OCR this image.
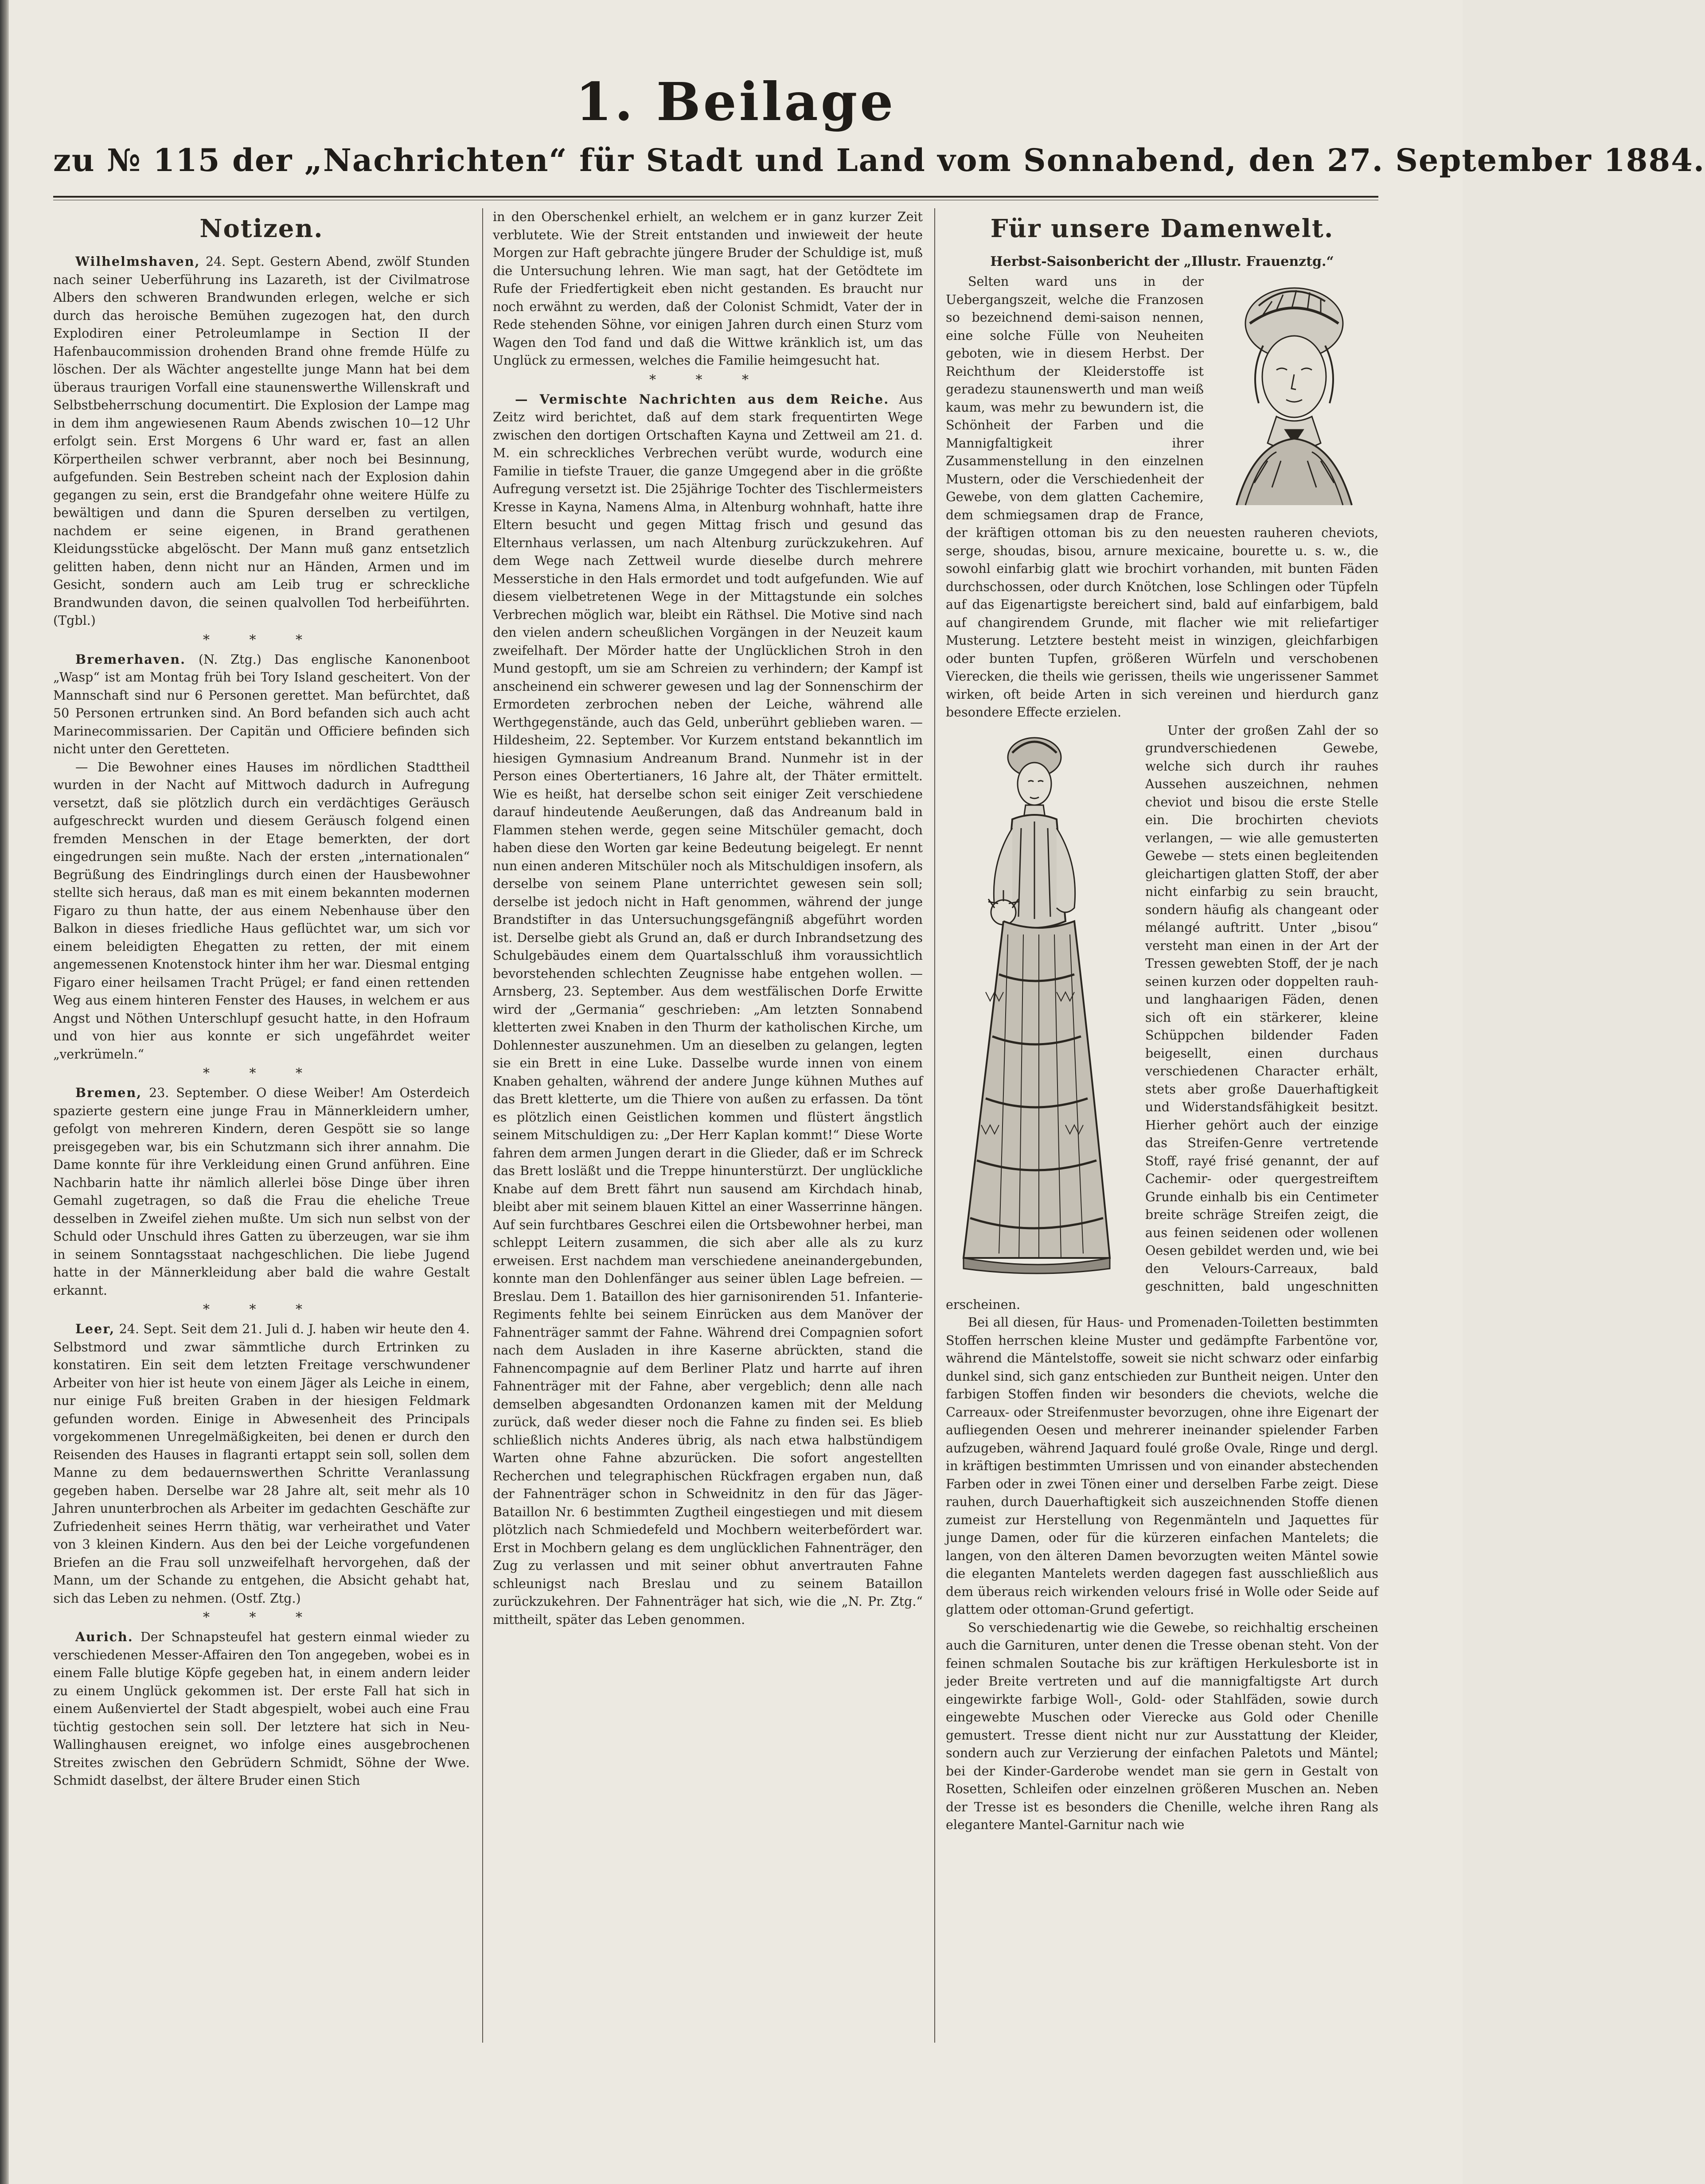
1. Beilage
zu № 115 der „Nachrichten“ für Stadt und Land vom Sonnabend, den 27. September 1884.
Notizen.

Wilhelmshaven, 24. Sept. Gestern Abend, zwölf Stunden nach seiner Ueberführung ins Lazareth, ist der Civilmatrose Albers den schweren Brandwunden erlegen, welche er sich durch das heroische Bemühen zugezogen hat, den durch Explodiren einer Petroleumlampe in Section II der Hafenbaucommission drohenden Brand ohne fremde Hülfe zu löschen. Der als Wächter angestellte junge Mann hat bei dem überaus traurigen Vorfall eine staunenswerthe Willenskraft und Selbstbeherrschung documentirt. Die Explosion der Lampe mag in dem ihm angewiesenen Raum Abends zwischen 10—12 Uhr erfolgt sein. Erst Morgens 6 Uhr ward er, fast an allen Körpertheilen schwer verbrannt, aber noch bei Besinnung, aufgefunden. Sein Bestreben scheint nach der Explosion dahin gegangen zu sein, erst die Brandgefahr ohne weitere Hülfe zu bewältigen und dann die Spuren derselben zu vertilgen, nachdem er seine eigenen, in Brand gerathenen Kleidungsstücke abgelöscht. Der Mann muß ganz entsetzlich gelitten haben, denn nicht nur an Händen, Armen und im Gesicht, sondern auch am Leib trug er schreckliche Brandwunden davon, die seinen qualvollen Tod herbeiführten. (Tgbl.)

* * *

Bremerhaven. (N. Ztg.) Das englische Kanonenboot „Wasp“ ist am Montag früh bei Tory Island gescheitert. Von der Mannschaft sind nur 6 Personen gerettet. Man befürchtet, daß 50 Personen ertrunken sind. An Bord befanden sich auch acht Marinecommissarien. Der Capitän und Officiere befinden sich nicht unter den Geretteten.

— Die Bewohner eines Hauses im nördlichen Stadttheil wurden in der Nacht auf Mittwoch dadurch in Aufregung versetzt, daß sie plötzlich durch ein verdächtiges Geräusch aufgeschreckt wurden und diesem Geräusch folgend einen fremden Menschen in der Etage bemerkten, der dort eingedrungen sein mußte. Nach der ersten „internationalen“ Begrüßung des Eindringlings durch einen der Hausbewohner stellte sich heraus, daß man es mit einem bekannten modernen Figaro zu thun hatte, der aus einem Nebenhause über den Balkon in dieses friedliche Haus geflüchtet war, um sich vor einem beleidigten Ehegatten zu retten, der mit einem angemessenen Knotenstock hinter ihm her war. Diesmal entging Figaro einer heilsamen Tracht Prügel; er fand einen rettenden Weg aus einem hinteren Fenster des Hauses, in welchem er aus Angst und Nöthen Unterschlupf gesucht hatte, in den Hofraum und von hier aus konnte er sich ungefährdet weiter „verkrümeln.“

* * *

Bremen, 23. September. O diese Weiber! Am Osterdeich spazierte gestern eine junge Frau in Männerkleidern umher, gefolgt von mehreren Kindern, deren Gespött sie so lange preisgegeben war, bis ein Schutzmann sich ihrer annahm. Die Dame konnte für ihre Verkleidung einen Grund anführen. Eine Nachbarin hatte ihr nämlich allerlei böse Dinge über ihren Gemahl zugetragen, so daß die Frau die eheliche Treue desselben in Zweifel ziehen mußte. Um sich nun selbst von der Schuld oder Unschuld ihres Gatten zu überzeugen, war sie ihm in seinem Sonntagsstaat nachgeschlichen. Die liebe Jugend hatte in der Männerkleidung aber bald die wahre Gestalt erkannt.

* * *

Leer, 24. Sept. Seit dem 21. Juli d. J. haben wir heute den 4. Selbstmord und zwar sämmtliche durch Ertrinken zu konstatiren. Ein seit dem letzten Freitage verschwundener Arbeiter von hier ist heute von einem Jäger als Leiche in einem, nur einige Fuß breiten Graben in der hiesigen Feldmark gefunden worden. Einige in Abwesenheit des Principals vorgekommenen Unregelmäßigkeiten, bei denen er durch den Reisenden des Hauses in flagranti ertappt sein soll, sollen dem Manne zu dem bedauernswerthen Schritte Veranlassung gegeben haben. Derselbe war 28 Jahre alt, seit mehr als 10 Jahren ununterbrochen als Arbeiter im gedachten Geschäfte zur Zufriedenheit seines Herrn thätig, war verheirathet und Vater von 3 kleinen Kindern. Aus den bei der Leiche vorgefundenen Briefen an die Frau soll unzweifelhaft hervorgehen, daß der Mann, um der Schande zu entgehen, die Absicht gehabt hat, sich das Leben zu nehmen. (Ostf. Ztg.)

* * *

Aurich. Der Schnapsteufel hat gestern einmal wieder zu verschiedenen Messer-Affairen den Ton angegeben, wobei es in einem Falle blutige Köpfe gegeben hat, in einem andern leider zu einem Unglück gekommen ist. Der erste Fall hat sich in einem Außenviertel der Stadt abgespielt, wobei auch eine Frau tüchtig gestochen sein soll. Der letztere hat sich in Neu-Wallinghausen ereignet, wo infolge eines ausgebrochenen Streites zwischen den Gebrüdern Schmidt, Söhne der Wwe. Schmidt daselbst, der ältere Bruder einen Stich

in den Oberschenkel erhielt, an welchem er in ganz kurzer Zeit verblutete. Wie der Streit entstanden und inwieweit der heute Morgen zur Haft gebrachte jüngere Bruder der Schuldige ist, muß die Untersuchung lehren. Wie man sagt, hat der Getödtete im Rufe der Friedfertigkeit eben nicht gestanden. Es braucht nur noch erwähnt zu werden, daß der Colonist Schmidt, Vater der in Rede stehenden Söhne, vor einigen Jahren durch einen Sturz vom Wagen den Tod fand und daß die Wittwe kränklich ist, um das Unglück zu ermessen, welches die Familie heimgesucht hat.

* * *

— Vermischte Nachrichten aus dem Reiche. Aus Zeitz wird berichtet, daß auf dem stark frequentirten Wege zwischen den dortigen Ortschaften Kayna und Zettweil am 21. d. M. ein schreckliches Verbrechen verübt wurde, wodurch eine Familie in tiefste Trauer, die ganze Umgegend aber in die größte Aufregung versetzt ist. Die 25jährige Tochter des Tischlermeisters Kresse in Kayna, Namens Alma, in Altenburg wohnhaft, hatte ihre Eltern besucht und gegen Mittag frisch und gesund das Elternhaus verlassen, um nach Altenburg zurückzukehren. Auf dem Wege nach Zettweil wurde dieselbe durch mehrere Messerstiche in den Hals ermordet und todt aufgefunden. Wie auf diesem vielbetretenen Wege in der Mittagstunde ein solches Verbrechen möglich war, bleibt ein Räthsel. Die Motive sind nach den vielen andern scheußlichen Vorgängen in der Neuzeit kaum zweifelhaft. Der Mörder hatte der Unglücklichen Stroh in den Mund gestopft, um sie am Schreien zu verhindern; der Kampf ist anscheinend ein schwerer gewesen und lag der Sonnenschirm der Ermordeten zerbrochen neben der Leiche, während alle Werthgegenstände, auch das Geld, unberührt geblieben waren. — Hildesheim, 22. September. Vor Kurzem entstand bekanntlich im hiesigen Gymnasium Andreanum Brand. Nunmehr ist in der Person eines Obertertianers, 16 Jahre alt, der Thäter ermittelt. Wie es heißt, hat derselbe schon seit einiger Zeit verschiedene darauf hindeutende Aeußerungen, daß das Andreanum bald in Flammen stehen werde, gegen seine Mitschüler gemacht, doch haben diese den Worten gar keine Bedeutung beigelegt. Er nennt nun einen anderen Mitschüler noch als Mitschuldigen insofern, als derselbe von seinem Plane unterrichtet gewesen sein soll; derselbe ist jedoch nicht in Haft genommen, während der junge Brandstifter in das Untersuchungsgefängniß abgeführt worden ist. Derselbe giebt als Grund an, daß er durch Inbrandsetzung des Schulgebäudes einem dem Quartalsschluß ihm voraussichtlich bevorstehenden schlechten Zeugnisse habe entgehen wollen. — Arnsberg, 23. September. Aus dem westfälischen Dorfe Erwitte wird der „Germania“ geschrieben: „Am letzten Sonnabend kletterten zwei Knaben in den Thurm der katholischen Kirche, um Dohlennester auszunehmen. Um an dieselben zu gelangen, legten sie ein Brett in eine Luke. Dasselbe wurde innen von einem Knaben gehalten, während der andere Junge kühnen Muthes auf das Brett kletterte, um die Thiere von außen zu erfassen. Da tönt es plötzlich einen Geistlichen kommen und flüstert ängstlich seinem Mitschuldigen zu: „Der Herr Kaplan kommt!“ Diese Worte fahren dem armen Jungen derart in die Glieder, daß er im Schreck das Brett losläßt und die Treppe hinunterstürzt. Der unglückliche Knabe auf dem Brett fährt nun sausend am Kirchdach hinab, bleibt aber mit seinem blauen Kittel an einer Wasserrinne hängen. Auf sein furchtbares Geschrei eilen die Ortsbewohner herbei, man schleppt Leitern zusammen, die sich aber alle als zu kurz erweisen. Erst nachdem man verschiedene aneinandergebunden, konnte man den Dohlenfänger aus seiner üblen Lage befreien. — Breslau. Dem 1. Bataillon des hier garnisonirenden 51. Infanterie-Regiments fehlte bei seinem Einrücken aus dem Manöver der Fahnenträger sammt der Fahne. Während drei Compagnien sofort nach dem Ausladen in ihre Kaserne abrückten, stand die Fahnencompagnie auf dem Berliner Platz und harrte auf ihren Fahnenträger mit der Fahne, aber vergeblich; denn alle nach demselben abgesandten Ordonanzen kamen mit der Meldung zurück, daß weder dieser noch die Fahne zu finden sei. Es blieb schließlich nichts Anderes übrig, als nach etwa halbstündigem Warten ohne Fahne abzurücken. Die sofort angestellten Recherchen und telegraphischen Rückfragen ergaben nun, daß der Fahnenträger schon in Schweidnitz in den für das Jäger-Bataillon Nr. 6 bestimmten Zugtheil eingestiegen und mit diesem plötzlich nach Schmiedefeld und Mochbern weiterbefördert war. Erst in Mochbern gelang es dem unglücklichen Fahnenträger, den Zug zu verlassen und mit seiner obhut anvertrauten Fahne schleunigst nach Breslau und zu seinem Bataillon zurückzukehren. Der Fahnenträger hat sich, wie die „N. Pr. Ztg.“ mittheilt, später das Leben genommen.

Für unsere Damenwelt.
Herbst-Saisonbericht der „Illustr. Frauenztg.“

Selten ward uns in der Uebergangszeit, welche die Franzosen so bezeichnend demi-saison nennen, eine solche Fülle von Neuheiten geboten, wie in diesem Herbst. Der Reichthum der Kleiderstoffe ist geradezu staunenswerth und man weiß kaum, was mehr zu bewundern ist, die Schönheit der Farben und die Mannigfaltigkeit ihrer Zusammenstellung in den einzelnen Mustern, oder die Verschiedenheit der Gewebe, von dem glatten Cachemire, dem schmiegsamen drap de France, der kräftigen ottoman bis zu den neuesten rauheren cheviots, serge, shoudas, bisou, arnure mexicaine, bourette u. s. w., die sowohl einfarbig glatt wie brochirt vorhanden, mit bunten Fäden durchschossen, oder durch Knötchen, lose Schlingen oder Tüpfeln auf das Eigenartigste bereichert sind, bald auf einfarbigem, bald auf changirendem Grunde, mit flacher wie mit reliefartiger Musterung. Letztere besteht meist in winzigen, gleichfarbigen oder bunten Tupfen, größeren Würfeln und verschobenen Vierecken, die theils wie gerissen, theils wie ungerissener Sammet wirken, oft beide Arten in sich vereinen und hierdurch ganz besondere Effecte erzielen.

Unter der großen Zahl der so grundverschiedenen Gewebe, welche sich durch ihr rauhes Aussehen auszeichnen, nehmen cheviot und bisou die erste Stelle ein. Die brochirten cheviots verlangen, — wie alle gemusterten Gewebe — stets einen begleitenden gleichartigen glatten Stoff, der aber nicht einfarbig zu sein braucht, sondern häufig als changeant oder mélangé auftritt. Unter „bisou“ versteht man einen in der Art der Tressen gewebten Stoff, der je nach seinen kurzen oder doppelten rauh- und langhaarigen Fäden, denen sich oft ein stärkerer, kleine Schüppchen bildender Faden beigesellt, einen durchaus verschiedenen Character erhält, stets aber große Dauerhaftigkeit und Widerstandsfähigkeit besitzt. Hierher gehört auch der einzige das Streifen-Genre vertretende Stoff, rayé frisé genannt, der auf Cachemir- oder quergestreiftem Grunde einhalb bis ein Centimeter breite schräge Streifen zeigt, die aus feinen seidenen oder wollenen Oesen gebildet werden und, wie bei den Velours-Carreaux, bald geschnitten, bald ungeschnitten erscheinen.

Bei all diesen, für Haus- und Promenaden-Toiletten bestimmten Stoffen herrschen kleine Muster und gedämpfte Farbentöne vor, während die Mäntelstoffe, soweit sie nicht schwarz oder einfarbig dunkel sind, sich ganz entschieden zur Buntheit neigen. Unter den farbigen Stoffen finden wir besonders die cheviots, welche die Carreaux- oder Streifenmuster bevorzugen, ohne ihre Eigenart der aufliegenden Oesen und mehrerer ineinander spielender Farben aufzugeben, während Jaquard foulé große Ovale, Ringe und dergl. in kräftigen bestimmten Umrissen und von einander abstechenden Farben oder in zwei Tönen einer und derselben Farbe zeigt. Diese rauhen, durch Dauerhaftigkeit sich auszeichnenden Stoffe dienen zumeist zur Herstellung von Regenmänteln und Jaquettes für junge Damen, oder für die kürzeren einfachen Mantelets; die langen, von den älteren Damen bevorzugten weiten Mäntel sowie die eleganten Mantelets werden dagegen fast ausschließlich aus dem überaus reich wirkenden velours frisé in Wolle oder Seide auf glattem oder ottoman-Grund gefertigt.

So verschiedenartig wie die Gewebe, so reichhaltig erscheinen auch die Garnituren, unter denen die Tresse obenan steht. Von der feinen schmalen Soutache bis zur kräftigen Herkulesborte ist in jeder Breite vertreten und auf die mannigfaltigste Art durch eingewirkte farbige Woll-, Gold- oder Stahlfäden, sowie durch eingewebte Muschen oder Vierecke aus Gold oder Chenille gemustert. Tresse dient nicht nur zur Ausstattung der Kleider, sondern auch zur Verzierung der einfachen Paletots und Mäntel; bei der Kinder-Garderobe wendet man sie gern in Gestalt von Rosetten, Schleifen oder einzelnen größeren Muschen an. Neben der Tresse ist es besonders die Chenille, welche ihren Rang als elegantere Mantel-Garnitur nach wie
